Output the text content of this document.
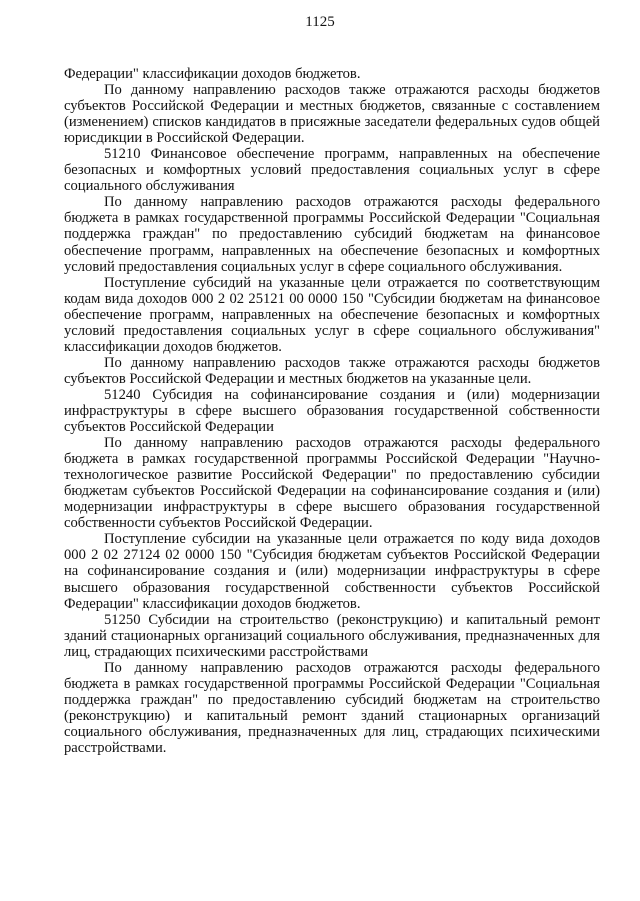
1125

Федерации" классификации доходов бюджетов.

По данному направлению расходов также отражаются расходы бюджетов субъектов Российской Федерации и местных бюджетов, связанные с составлением (изменением) списков кандидатов в присяжные заседатели федеральных судов общей юрисдикции в Российской Федерации.

51210 Финансовое обеспечение программ, направленных на обеспечение безопасных и комфортных условий предоставления социальных услуг в сфере социального обслуживания

По данному направлению расходов отражаются расходы федерального бюджета в рамках государственной программы Российской Федерации "Социальная поддержка граждан" по предоставлению субсидий бюджетам на финансовое обеспечение программ, направленных на обеспечение безопасных и комфортных условий предоставления социальных услуг в сфере социального обслуживания.

Поступление субсидий на указанные цели отражается по соответствующим кодам вида доходов 000 2 02 25121 00 0000 150 "Субсидии бюджетам на финансовое обеспечение программ, направленных на обеспечение безопасных и комфортных условий предоставления социальных услуг в сфере социального обслуживания" классификации доходов бюджетов.

По данному направлению расходов также отражаются расходы бюджетов субъектов Российской Федерации и местных бюджетов на указанные цели.

51240 Субсидия на софинансирование создания и (или) модернизации инфраструктуры в сфере высшего образования государственной собственности субъектов Российской Федерации

По данному направлению расходов отражаются расходы федерального бюджета в рамках государственной программы Российской Федерации "Научно-технологическое развитие Российской Федерации" по предоставлению субсидии бюджетам субъектов Российской Федерации на софинансирование создания и (или) модернизации инфраструктуры в сфере высшего образования государственной собственности субъектов Российской Федерации.

Поступление субсидии на указанные цели отражается по коду вида доходов 000 2 02 27124 02 0000 150 "Субсидия бюджетам субъектов Российской Федерации на софинансирование создания и (или) модернизации инфраструктуры в сфере высшего образования государственной собственности субъектов Российской Федерации" классификации доходов бюджетов.

51250 Субсидии на строительство (реконструкцию) и капитальный ремонт зданий стационарных организаций социального обслуживания, предназначенных для лиц, страдающих психическими расстройствами

По данному направлению расходов отражаются расходы федерального бюджета в рамках государственной программы Российской Федерации "Социальная поддержка граждан" по предоставлению субсидий бюджетам на строительство (реконструкцию) и капитальный ремонт зданий стационарных организаций социального обслуживания, предназначенных для лиц, страдающих психическими расстройствами.
